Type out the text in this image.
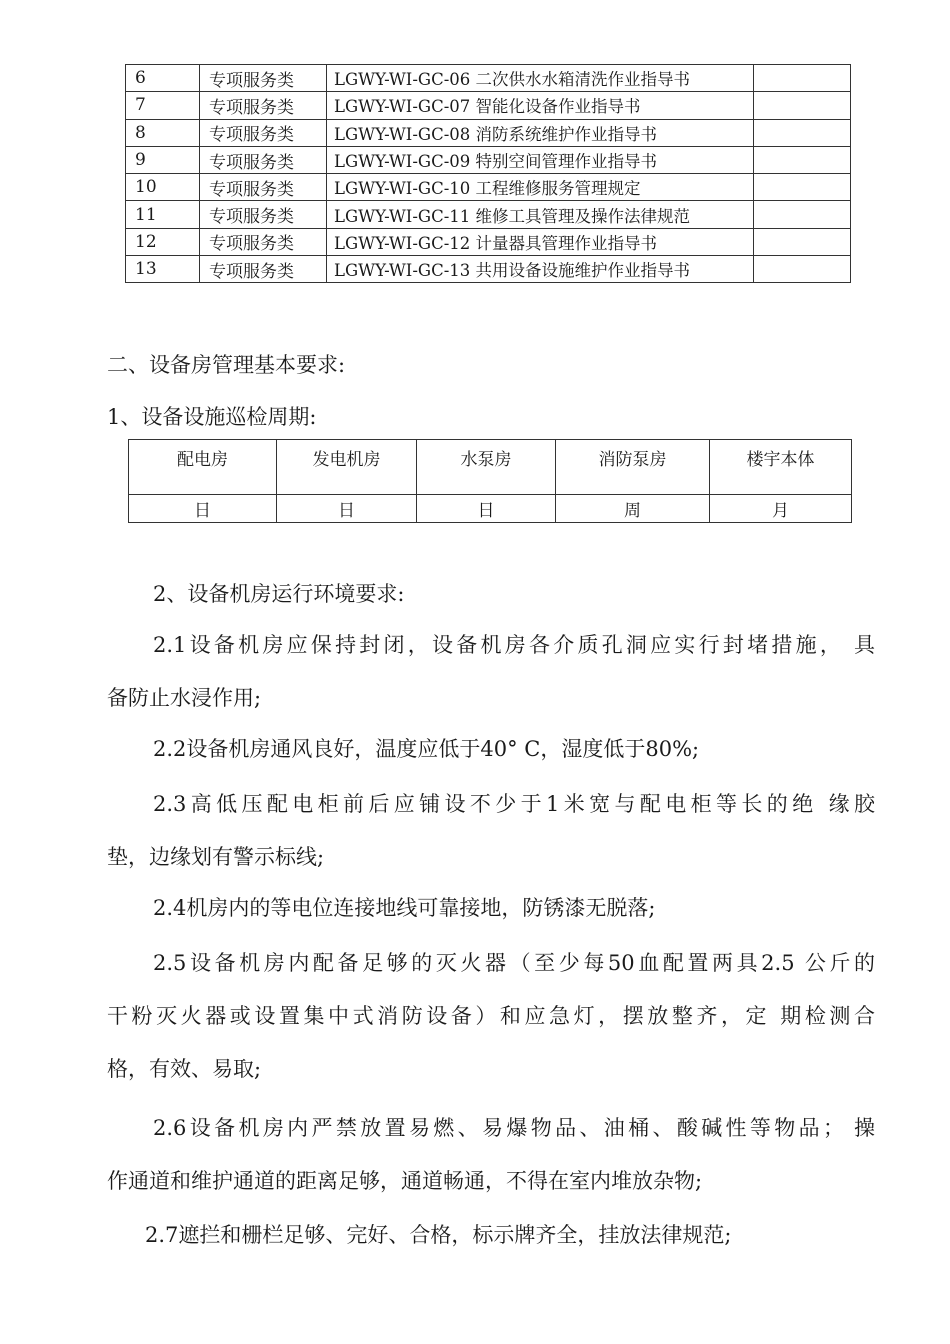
6	专项服务类	LGWY-WI-GC-06 二次供水水箱清洗作业指导书	
7	专项服务类	LGWY-WI-GC-07 智能化设备作业指导书	
8	专项服务类	LGWY-WI-GC-08 消防系统维护作业指导书	
9	专项服务类	LGWY-WI-GC-09 特别空间管理作业指导书	
10	专项服务类	LGWY-WI-GC-10 工程维修服务管理规定	
11	专项服务类	LGWY-WI-GC-11 维修工具管理及操作法律规范	
12	专项服务类	LGWY-WI-GC-12 计量器具管理作业指导书	
13	专项服务类	LGWY-WI-GC-13 共用设备设施维护作业指导书	
二、设备房管理基本要求:
1、设备设施巡检周期:
配电房	发电机房	水泵房	消防泵房	楼宇本体
日	日	日	周	月
2、设备机房运行环境要求:
2.1设备机房应保持封闭，设备机房各介质孔洞应实行封堵措施， 具
备防止水浸作用;
2.2设备机房通风良好，温度应低于40° C，湿度低于80%;
2.3高低压配电柜前后应铺设不少于1米宽与配电柜等长的绝 缘胶
垫，边缘划有警示标线;
2.4机房内的等电位连接地线可靠接地，防锈漆无脱落;
2.5设备机房内配备足够的灭火器（至少每50血配置两具2.5 公斤的
干粉灭火器或设置集中式消防设备）和应急灯，摆放整齐，定 期检测合
格，有效、易取;
2.6设备机房内严禁放置易燃、易爆物品、油桶、酸碱性等物品； 操
作通道和维护通道的距离足够，通道畅通，不得在室内堆放杂物;
2.7遮拦和栅栏足够、完好、合格，标示牌齐全，挂放法律规范;
